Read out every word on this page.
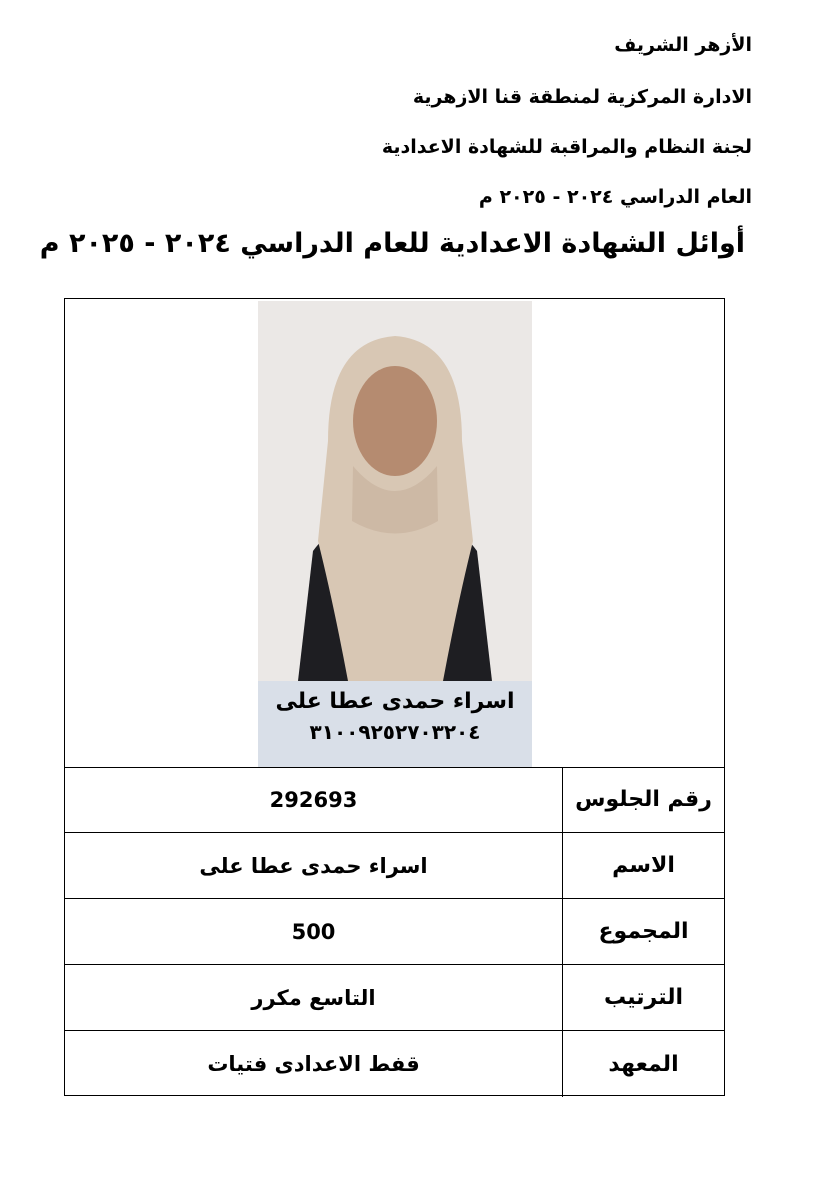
الأزهر الشريف
الادارة المركزية لمنطقة قنا الازهرية
لجنة النظام والمراقبة للشهادة الاعدادية
العام الدراسي ٢٠٢٤ - ٢٠٢٥ م
أوائل الشهادة الاعدادية للعام الدراسي ٢٠٢٤ - ٢٠٢٥ م
اسراء حمدى عطا على
٣١٠٠٩٢٥٢٧٠٣٢٠٤
292693	رقم الجلوس
اسراء حمدى عطا على	الاسم
500	المجموع
التاسع مكرر	الترتيب
قفط الاعدادى فتيات	المعهد
